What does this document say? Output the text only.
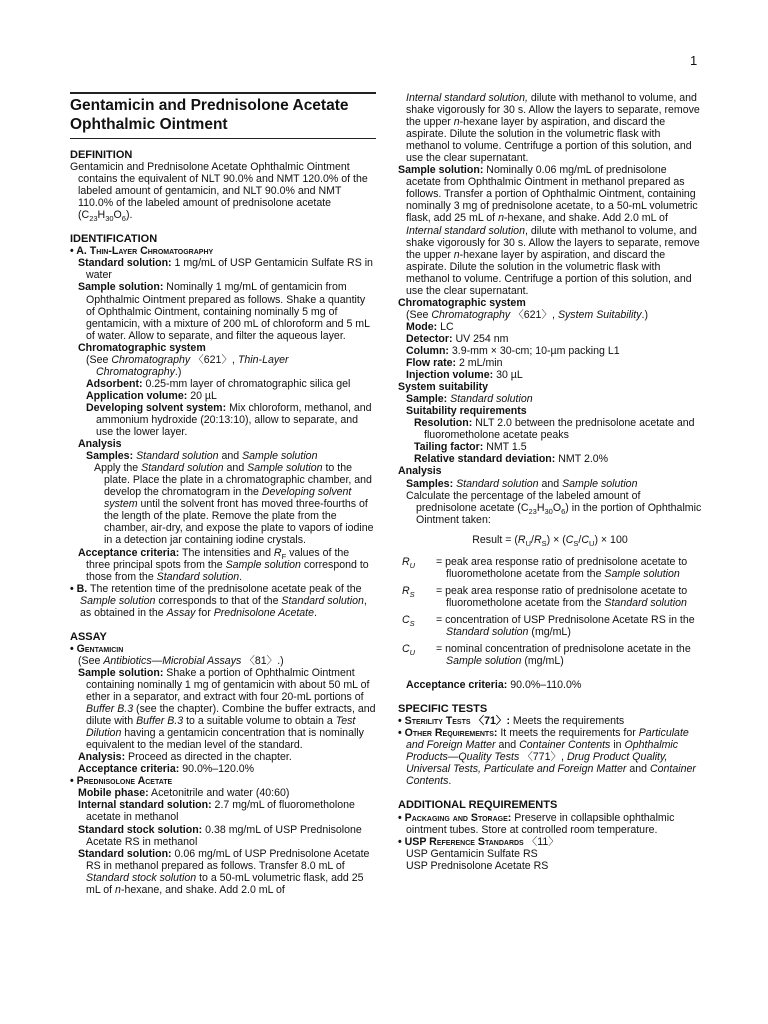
1
Gentamicin and Prednisolone Acetate Ophthalmic Ointment
DEFINITION
Gentamicin and Prednisolone Acetate Ophthalmic Ointment contains the equivalent of NLT 90.0% and NMT 120.0% of the labeled amount of gentamicin, and NLT 90.0% and NMT 110.0% of the labeled amount of prednisolone acetate $(C_{23}H_{30}O_6)$.
IDENTIFICATION
• A. Thin-Layer Chromatography
Standard solution: 1 mg/mL of USP Gentamicin Sulfate RS in water
Sample solution: Nominally 1 mg/mL of gentamicin from Ophthalmic Ointment prepared as follows. Shake a quantity of Ophthalmic Ointment, containing nominally 5 mg of gentamicin, with a mixture of 200 mL of chloroform and 5 mL of water. Allow to separate, and filter the aqueous layer.
Chromatographic system
(See Chromatography 〈621〉, Thin-Layer Chromatography.)
Adsorbent: 0.25-mm layer of chromatographic silica gel
Application volume: 20 µL
Developing solvent system: Mix chloroform, methanol, and ammonium hydroxide (20:13:10), allow to separate, and use the lower layer.
Analysis
Samples: Standard solution and Sample solution
Apply the Standard solution and Sample solution to the plate. Place the plate in a chromatographic chamber, and develop the chromatogram in the Developing solvent system until the solvent front has moved three-fourths of the length of the plate. Remove the plate from the chamber, air-dry, and expose the plate to vapors of iodine in a detection jar containing iodine crystals.
Acceptance criteria: The intensities and $R_F$ values of the three principal spots from the Sample solution correspond to those from the Standard solution.
• B. The retention time of the prednisolone acetate peak of the Sample solution corresponds to that of the Standard solution, as obtained in the Assay for Prednisolone Acetate.
ASSAY
• Gentamicin
(See Antibiotics—Microbial Assays 〈81〉.)
Sample solution: Shake a portion of Ophthalmic Ointment containing nominally 1 mg of gentamicin with about 50 mL of ether in a separator, and extract with four 20-mL portions of Buffer B.3 (see the chapter). Combine the buffer extracts, and dilute with Buffer B.3 to a suitable volume to obtain a Test Dilution having a gentamicin concentration that is nominally equivalent to the median level of the standard.
Analysis: Proceed as directed in the chapter.
Acceptance criteria: 90.0%–120.0%
• Prednisolone Acetate
Mobile phase: Acetonitrile and water (40:60)
Internal standard solution: 2.7 mg/mL of fluorometholone acetate in methanol
Standard stock solution: 0.38 mg/mL of USP Prednisolone Acetate RS in methanol
Standard solution: 0.06 mg/mL of USP Prednisolone Acetate RS in methanol prepared as follows. Transfer 8.0 mL of Standard stock solution to a 50-mL volumetric flask, add 25 mL of n-hexane, and shake. Add 2.0 mL of
Internal standard solution, dilute with methanol to volume, and shake vigorously for 30 s. Allow the layers to separate, remove the upper n-hexane layer by aspiration, and discard the aspirate. Dilute the solution in the volumetric flask with methanol to volume. Centrifuge a portion of this solution, and use the clear supernatant.
Sample solution: Nominally 0.06 mg/mL of prednisolone acetate from Ophthalmic Ointment in methanol prepared as follows. Transfer a portion of Ophthalmic Ointment, containing nominally 3 mg of prednisolone acetate, to a 50-mL volumetric flask, add 25 mL of n-hexane, and shake. Add 2.0 mL of Internal standard solution, dilute with methanol to volume, and shake vigorously for 30 s. Allow the layers to separate, remove the upper n-hexane layer by aspiration, and discard the aspirate. Dilute the solution in the volumetric flask with methanol to volume. Centrifuge a portion of this solution, and use the clear supernatant.
Chromatographic system
(See Chromatography 〈621〉, System Suitability.)
Mode: LC
Detector: UV 254 nm
Column: 3.9-mm × 30-cm; 10-µm packing L1
Flow rate: 2 mL/min
Injection volume: 30 µL
System suitability
Sample: Standard solution
Suitability requirements
Resolution: NLT 2.0 between the prednisolone acetate and fluorometholone acetate peaks
Tailing factor: NMT 1.5
Relative standard deviation: NMT 2.0%
Analysis
Samples: Standard solution and Sample solution
Calculate the percentage of the labeled amount of prednisolone acetate $(C_{23}H_{30}O_6)$ in the portion of Ophthalmic Ointment taken:
Result = $(R_U/R_S) \times (C_S/C_U) \times 100$
$R_U$	= peak area response ratio of prednisolone acetate to fluorometholone acetate from the Sample solution
$R_S$	= peak area response ratio of prednisolone acetate to fluorometholone acetate from the Standard solution
$C_S$	= concentration of USP Prednisolone Acetate RS in the Standard solution (mg/mL)
$C_U$	= nominal concentration of prednisolone acetate in the Sample solution (mg/mL)
Acceptance criteria: 90.0%–110.0%
SPECIFIC TESTS
• Sterility Tests 〈71〉: Meets the requirements
• Other Requirements: It meets the requirements for Particulate and Foreign Matter and Container Contents in Ophthalmic Products—Quality Tests 〈771〉, Drug Product Quality, Universal Tests, Particulate and Foreign Matter and Container Contents.
ADDITIONAL REQUIREMENTS
• Packaging and Storage: Preserve in collapsible ophthalmic ointment tubes. Store at controlled room temperature.
• USP Reference Standards 〈11〉
USP Gentamicin Sulfate RS
USP Prednisolone Acetate RS
